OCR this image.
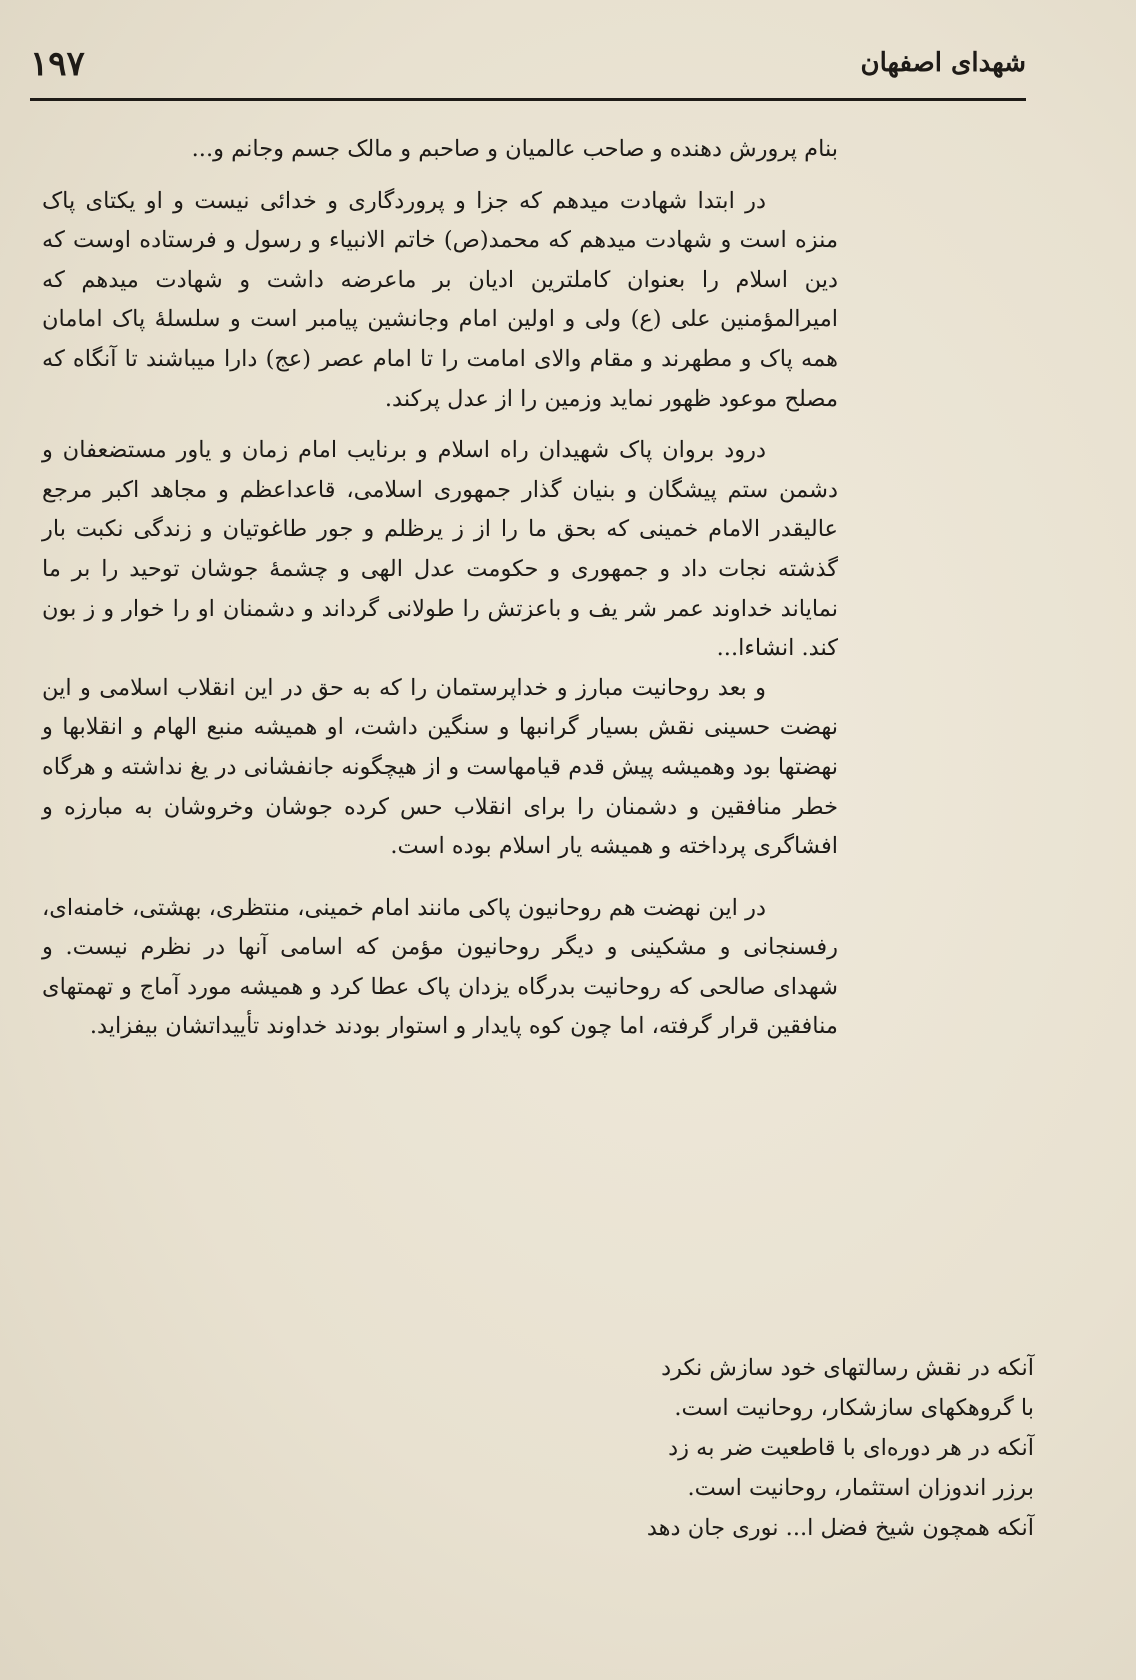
شهدای اصفهان
۱۹۷

بنام پرورش دهنده و صاحب عالمیان و صاحبم و مالک جسم وجانم و...

در ابتدا شهادت میدهم که جزا و پروردگاری و خدائی نیست و او یکتای پاک منزه است و شهادت میدهم که محمد(ص) خاتم الانبیاء و رسول و فرستاده اوست که دین اسلام را بعنوان کاملترین ادیان بر ماعرضه داشت و شهادت میدهم که امیرالمؤمنین علی (ع) ولی و اولین امام وجانشین پیامبر است و سلسلهٔ پاک امامان همه پاک و مطهرند و مقام والای امامت را تا امام عصر (عج) دارا میباشند تا آنگاه که مصلح موعود ظهور نماید وزمین را از عدل پرکند.

درود بروان پاک شهیدان راه اسلام و برنایب امام زمان و یاور مستضعفان و دشمن ستم پیشگان و بنیان گذار جمهوری اسلامی، قاعداعظم و مجاهد اکبر مرجع عالیقدر الامام خمینی که بحق ما را از ز یرظلم و جور طاغوتیان و زندگی نکبت بار گذشته نجات داد و جمهوری و حکومت عدل الهی و چشمهٔ جوشان توحید را بر ما نمایاند خداوند عمر شر یف و باعزتش را طولانی گرداند و دشمنان او را خوار و ز بون کند. انشاءا...

و بعد روحانیت مبارز و خداپرستمان را که به حق در این انقلاب اسلامی و این نهضت حسینی نقش بسیار گرانبها و سنگین داشت، او همیشه منبع الهام و انقلابها و نهضتها بود وهمیشه پیش قدم قیامهاست و از هیچگونه جانفشانی در یغ نداشته و هرگاه خطر منافقین و دشمنان را برای انقلاب حس کرده جوشان وخروشان به مبارزه و افشاگری پرداخته و همیشه یار اسلام بوده است.

در این نهضت هم روحانیون پاکی مانند امام خمینی، منتظری، بهشتی، خامنه‌ای، رفسنجانی و مشکینی و دیگر روحانیون مؤمن که اسامی آنها در نظرم نیست. و شهدای صالحی که روحانیت بدرگاه یزدان پاک عطا کرد و همیشه مورد آماج و تهمتهای منافقین قرار گرفته، اما چون کوه پایدار و استوار بودند خداوند تأییداتشان بیفزاید.

آنکه در نقش رسالتهای خود سازش نکرد
با گروهکهای سازشکار، روحانیت است.
آنکه در هر دوره‌ای با قاطعیت ضر به زد
برزر اندوزان استثمار، روحانیت است.
آنکه همچون شیخ فضل ا... نوری جان دهد
